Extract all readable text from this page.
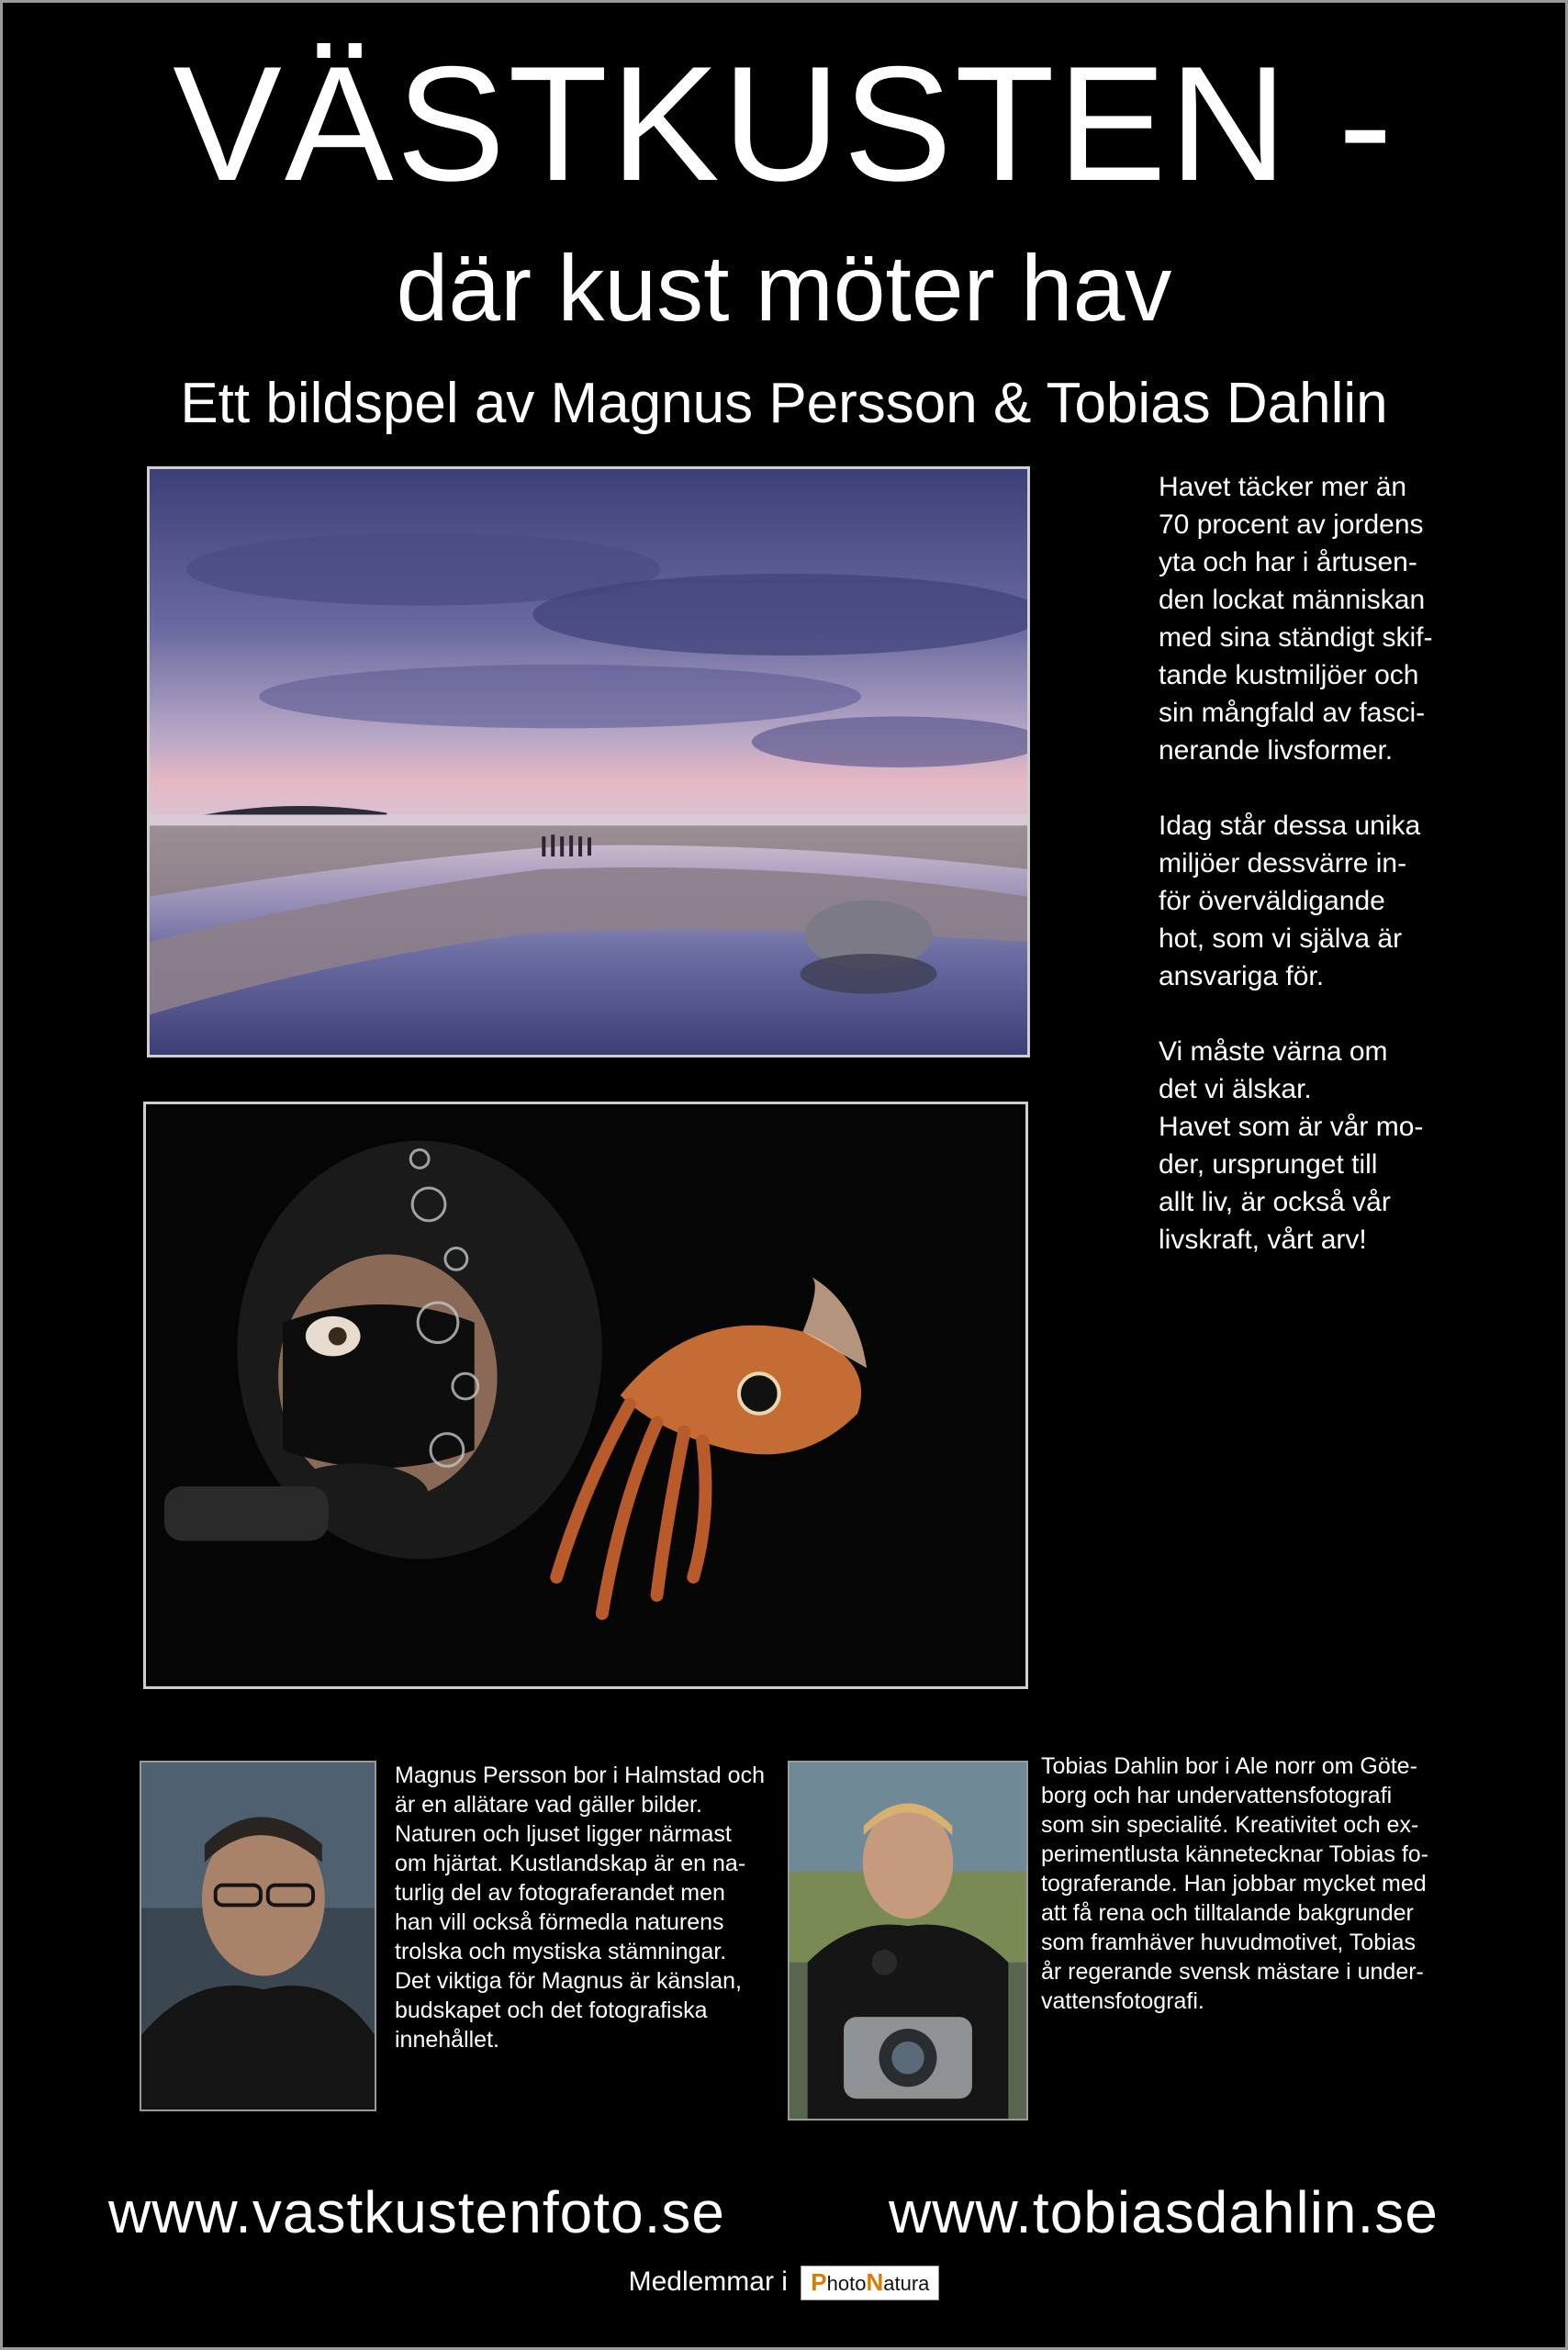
VÄSTKUSTEN -
där kust möter hav
Ett bildspel av Magnus Persson & Tobias Dahlin

Havet täcker mer än
70 procent av jordens
yta och har i årtusen-
den lockat människan
med sina ständigt skif-
tande kustmiljöer och
sin mångfald av fasci-
nerande livsformer.

Idag står dessa unika
miljöer dessvärre in-
för överväldigande
hot, som vi själva är
ansvariga för.

Vi måste värna om
det vi älskar.
Havet som är vår mo-
der, ursprunget till
allt liv, är också vår
livskraft, vårt arv!

Magnus Persson bor i Halmstad och
är en allätare vad gäller bilder.
Naturen och ljuset ligger närmast
om hjärtat. Kustlandskap är en na-
turlig del av fotograferandet men
han vill också förmedla naturens
trolska och mystiska stämningar.
Det viktiga för Magnus är känslan,
budskapet och det fotografiska
innehållet.
Tobias Dahlin bor i Ale norr om Göte-
borg och har undervattensfotografi
som sin specialité. Kreativitet och ex-
perimentlusta kännetecknar Tobias fo-
tograferande. Han jobbar mycket med
att få rena och tilltalande bakgrunder
som framhäver huvudmotivet, Tobias
år regerande svensk mästare i under-
vattensfotografi.
www.vastkustenfoto.se	www.tobiasdahlin.se
Medlemmar i PhotoNatura
